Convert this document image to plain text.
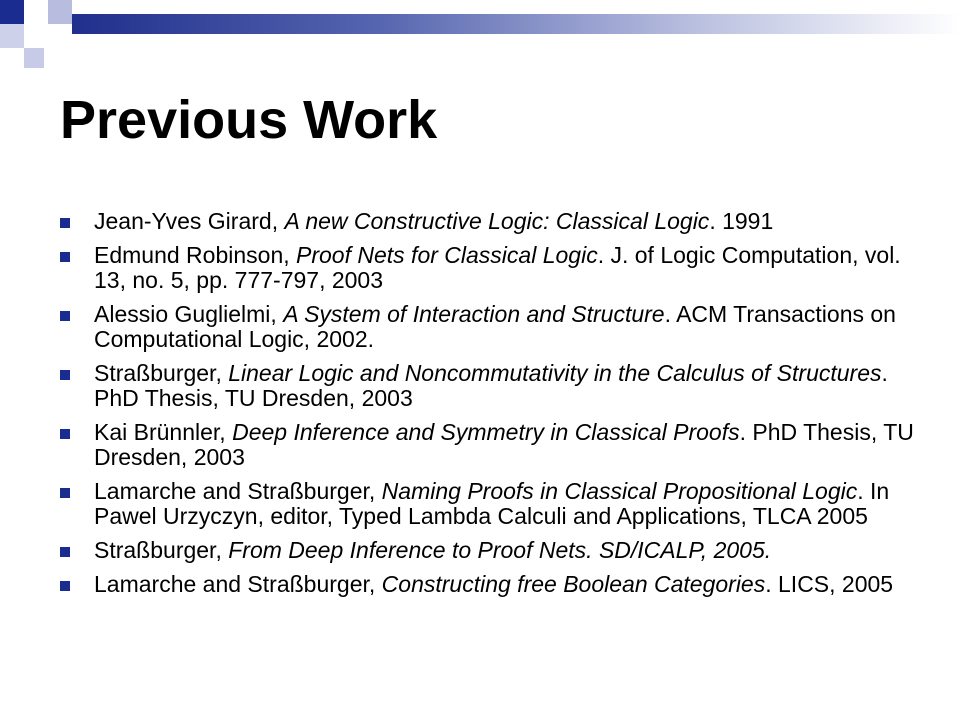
Previous Work
Jean-Yves Girard, A new Constructive Logic: Classical Logic. 1991
Edmund Robinson, Proof Nets for Classical Logic. J. of Logic Computation, vol. 13, no. 5, pp. 777-797, 2003
Alessio Guglielmi, A System of Interaction and Structure. ACM Transactions on Computational Logic, 2002.
Straßburger, Linear Logic and Noncommutativity in the Calculus of Structures. PhD Thesis, TU Dresden, 2003
Kai Brünnler, Deep Inference and Symmetry in Classical Proofs. PhD Thesis, TU Dresden, 2003
Lamarche and Straßburger, Naming Proofs in Classical Propositional Logic. In Pawel Urzyczyn, editor, Typed Lambda Calculi and Applications, TLCA 2005
Straßburger, From Deep Inference to Proof Nets. SD/ICALP, 2005.
Lamarche and Straßburger, Constructing free Boolean Categories. LICS, 2005
